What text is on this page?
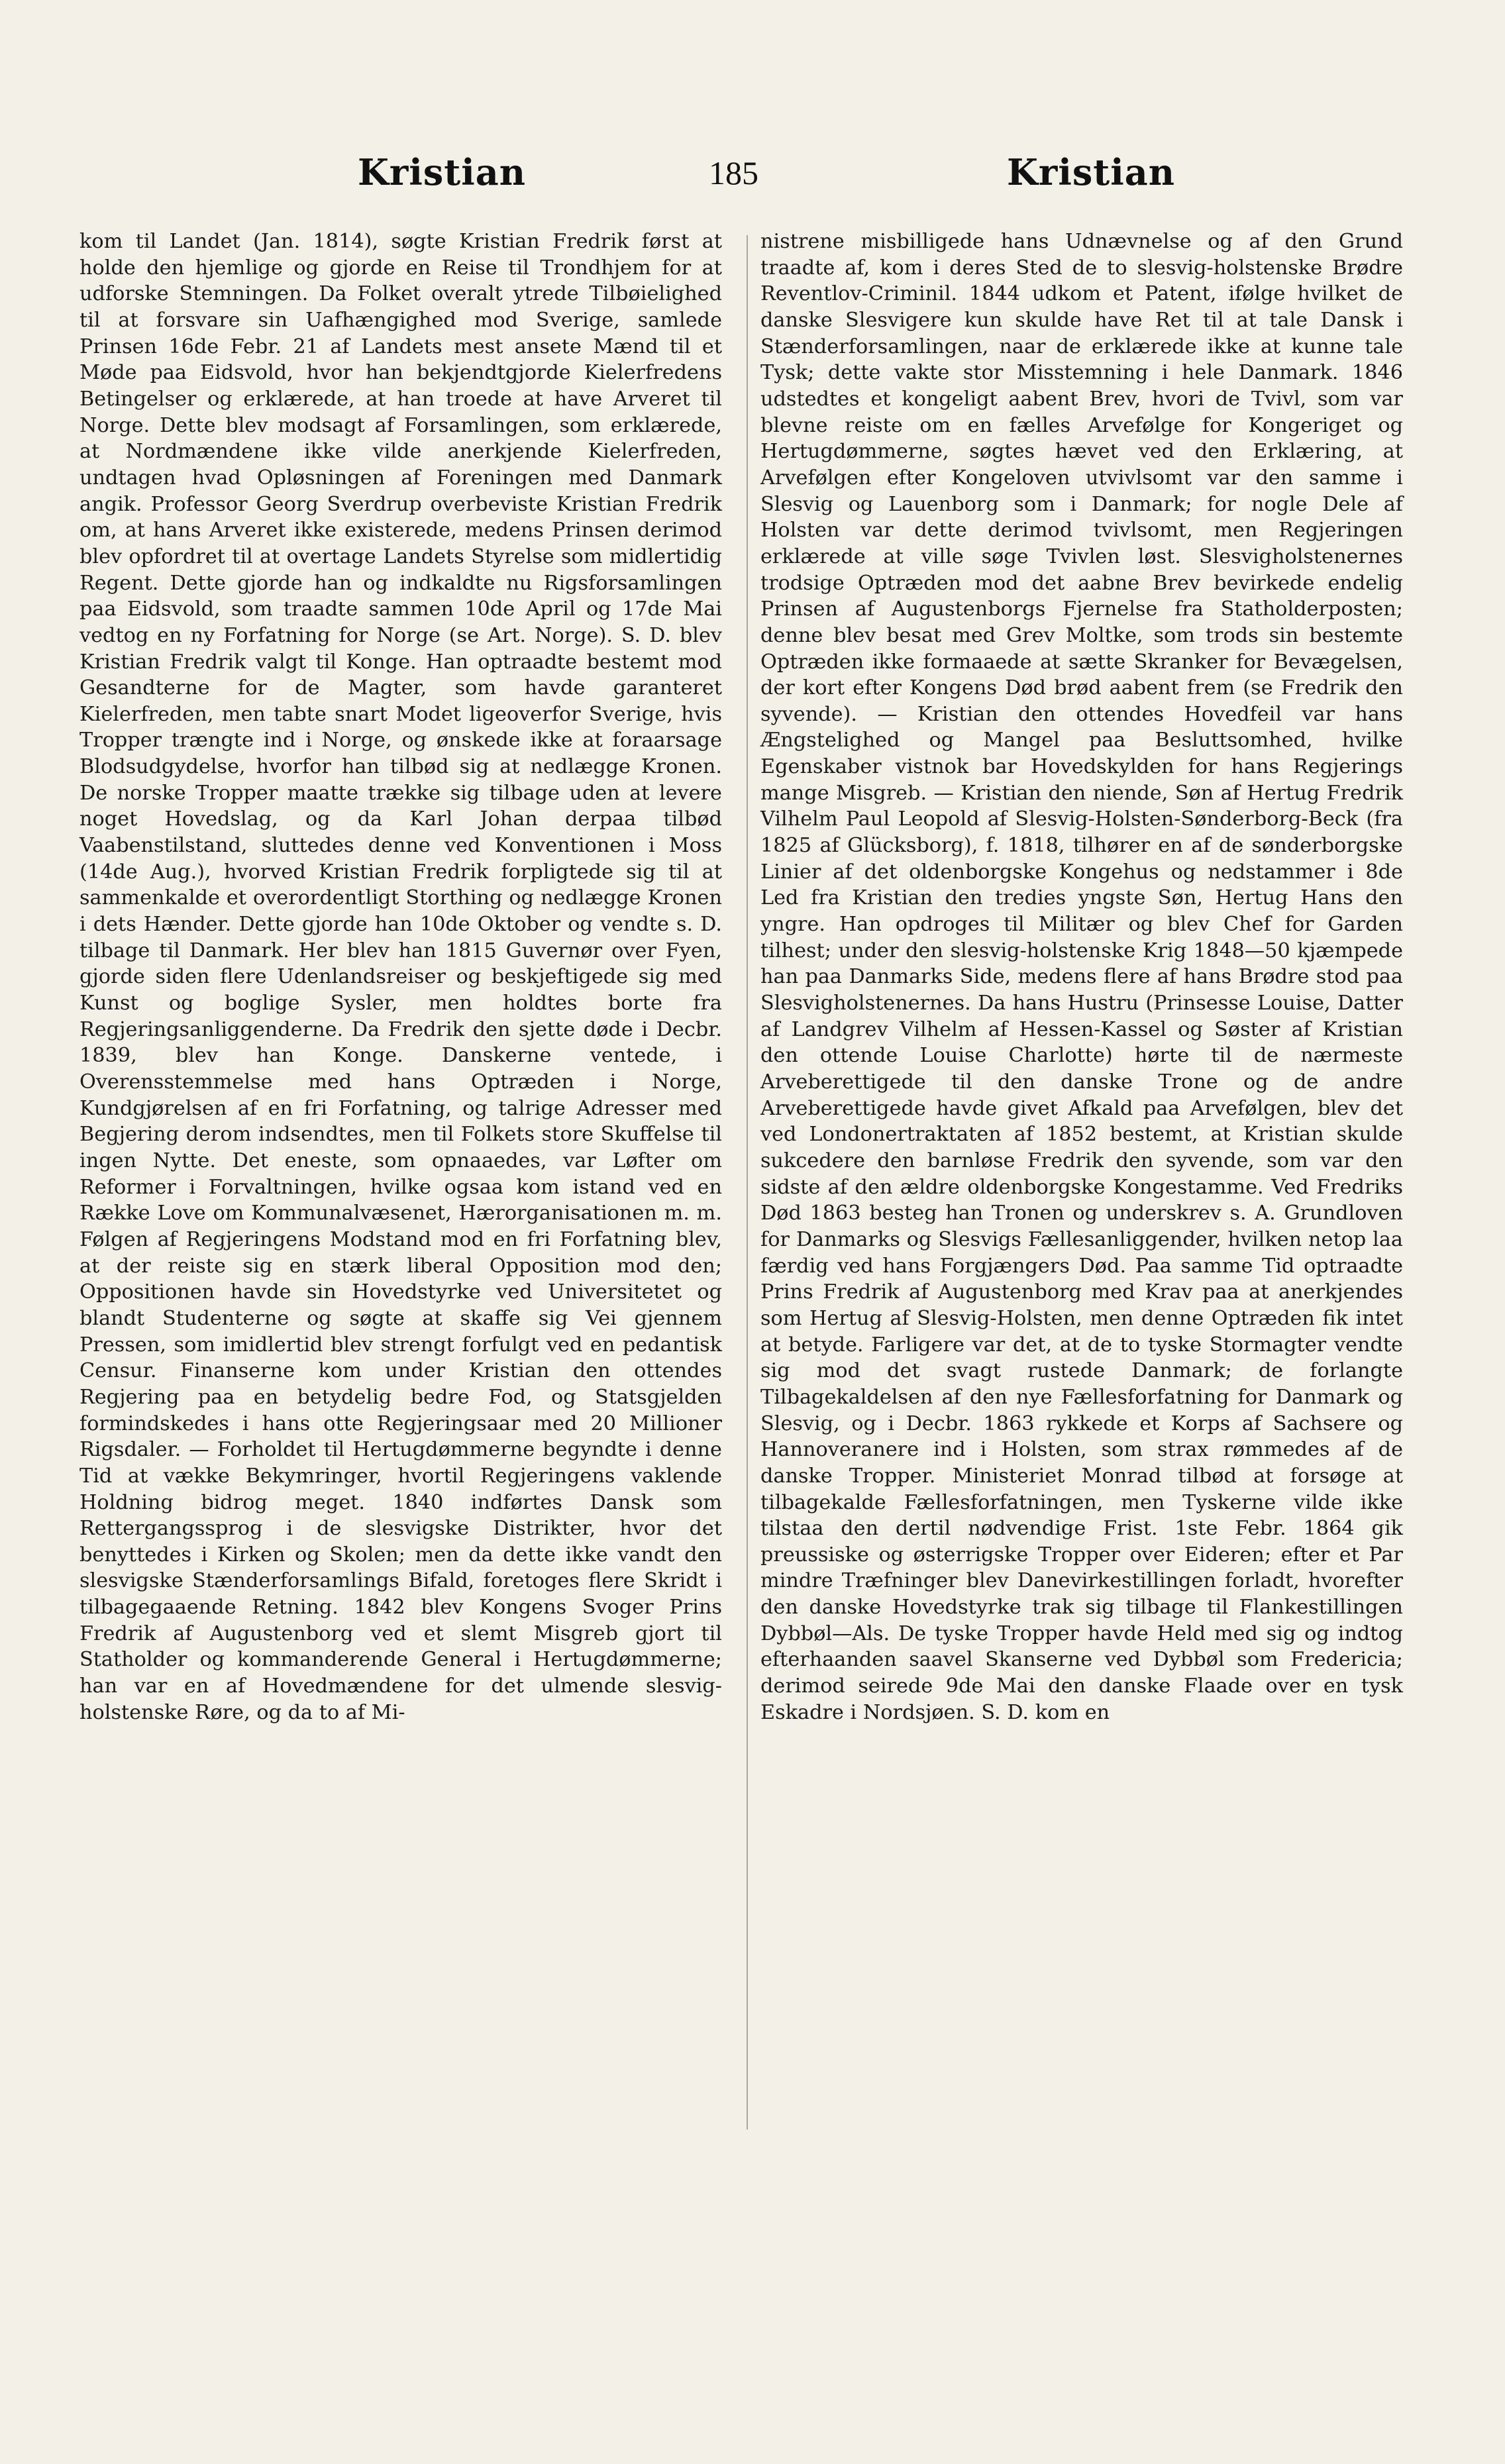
Kristian	185	Kristian

kom til Landet (Jan. 1814), søgte Kristian Fredrik først at holde den hjemlige og gjorde en Reise til Trondhjem for at udforske Stemningen. Da Folket overalt ytrede Tilbøielighed til at forsvare sin Uafhængighed mod Sverige, samlede Prinsen 16de Febr. 21 af Landets mest ansete Mænd til et Møde paa Eidsvold, hvor han bekjendtgjorde Kielerfredens Betingelser og erklærede, at han troede at have Arveret til Norge. Dette blev modsagt af Forsamlingen, som erklærede, at Nordmændene ikke vilde anerkjende Kielerfreden, undtagen hvad Opløsningen af Foreningen med Danmark angik. Professor Georg Sverdrup overbeviste Kristian Fredrik om, at hans Arveret ikke existerede, medens Prinsen derimod blev opfordret til at overtage Landets Styrelse som midlertidig Regent. Dette gjorde han og indkaldte nu Rigsforsamlingen paa Eidsvold, som traadte sammen 10de April og 17de Mai vedtog en ny Forfatning for Norge (se Art. Norge). S. D. blev Kristian Fredrik valgt til Konge. Han optraadte bestemt mod Gesandterne for de Magter, som havde garanteret Kielerfreden, men tabte snart Modet ligeoverfor Sverige, hvis Tropper trængte ind i Norge, og ønskede ikke at foraarsage Blodsudgydelse, hvorfor han tilbød sig at nedlægge Kronen. De norske Tropper maatte trække sig tilbage uden at levere noget Hovedslag, og da Karl Johan derpaa tilbød Vaabenstilstand, sluttedes denne ved Konventionen i Moss (14de Aug.), hvorved Kristian Fredrik forpligtede sig til at sammenkalde et overordentligt Storthing og nedlægge Kronen i dets Hænder. Dette gjorde han 10de Oktober og vendte s. D. tilbage til Danmark. Her blev han 1815 Guvernør over Fyen, gjorde siden flere Udenlandsreiser og beskjeftigede sig med Kunst og boglige Sysler, men holdtes borte fra Regjeringsanliggenderne. Da Fredrik den sjette døde i Decbr. 1839, blev han Konge. Danskerne ventede, i Overensstemmelse med hans Optræden i Norge, Kundgjørelsen af en fri Forfatning, og talrige Adresser med Begjering derom indsendtes, men til Folkets store Skuffelse til ingen Nytte. Det eneste, som opnaaedes, var Løfter om Reformer i Forvaltningen, hvilke ogsaa kom istand ved en Række Love om Kommunalvæsenet, Hærorganisationen m. m. Følgen af Regjeringens Modstand mod en fri Forfatning blev, at der reiste sig en stærk liberal Opposition mod den; Oppositionen havde sin Hovedstyrke ved Universitetet og blandt Studenterne og søgte at skaffe sig Vei gjennem Pressen, som imidlertid blev strengt forfulgt ved en pedantisk Censur. Finanserne kom under Kristian den ottendes Regjering paa en betydelig bedre Fod, og Statsgjelden formindskedes i hans otte Regjeringsaar med 20 Millioner Rigsdaler. — Forholdet til Hertugdømmerne begyndte i denne Tid at vække Bekymringer, hvortil Regjeringens vaklende Holdning bidrog meget. 1840 indførtes Dansk som Rettergangssprog i de slesvigske Distrikter, hvor det benyttedes i Kirken og Skolen; men da dette ikke vandt den slesvigske Stænderforsamlings Bifald, foretoges flere Skridt i tilbagegaaende Retning. 1842 blev Kongens Svoger Prins Fredrik af Augustenborg ved et slemt Misgreb gjort til Statholder og kommanderende General i Hertugdømmerne; han var en af Hovedmændene for det ulmende slesvig-holstenske Røre, og da to af Mi-

nistrene misbilligede hans Udnævnelse og af den Grund traadte af, kom i deres Sted de to slesvig-holstenske Brødre Reventlov-Criminil. 1844 udkom et Patent, ifølge hvilket de danske Slesvigere kun skulde have Ret til at tale Dansk i Stænderforsamlingen, naar de erklærede ikke at kunne tale Tysk; dette vakte stor Misstemning i hele Danmark. 1846 udstedtes et kongeligt aabent Brev, hvori de Tvivl, som var blevne reiste om en fælles Arvefølge for Kongeriget og Hertugdømmerne, søgtes hævet ved den Erklæring, at Arvefølgen efter Kongeloven utvivlsomt var den samme i Slesvig og Lauenborg som i Danmark; for nogle Dele af Holsten var dette derimod tvivlsomt, men Regjeringen erklærede at ville søge Tvivlen løst. Slesvigholstenernes trodsige Optræden mod det aabne Brev bevirkede endelig Prinsen af Augustenborgs Fjernelse fra Statholderposten; denne blev besat med Grev Moltke, som trods sin bestemte Optræden ikke formaaede at sætte Skranker for Bevægelsen, der kort efter Kongens Død brød aabent frem (se Fredrik den syvende). — Kristian den ottendes Hovedfeil var hans Ængstelighed og Mangel paa Besluttsomhed, hvilke Egenskaber vistnok bar Hovedskylden for hans Regjerings mange Misgreb. — Kristian den niende, Søn af Hertug Fredrik Vilhelm Paul Leopold af Slesvig-Holsten-Sønderborg-Beck (fra 1825 af Glücksborg), f. 1818, tilhører en af de sønderborgske Linier af det oldenborgske Kongehus og nedstammer i 8de Led fra Kristian den tredies yngste Søn, Hertug Hans den yngre. Han opdroges til Militær og blev Chef for Garden tilhest; under den slesvig-holstenske Krig 1848—50 kjæmpede han paa Danmarks Side, medens flere af hans Brødre stod paa Slesvigholstenernes. Da hans Hustru (Prinsesse Louise, Datter af Landgrev Vilhelm af Hessen-Kassel og Søster af Kristian den ottende Louise Charlotte) hørte til de nærmeste Arveberettigede til den danske Trone og de andre Arveberettigede havde givet Afkald paa Arvefølgen, blev det ved Londonertraktaten af 1852 bestemt, at Kristian skulde sukcedere den barnløse Fredrik den syvende, som var den sidste af den ældre oldenborgske Kongestamme. Ved Fredriks Død 1863 besteg han Tronen og underskrev s. A. Grundloven for Danmarks og Slesvigs Fællesanliggender, hvilken netop laa færdig ved hans Forgjængers Død. Paa samme Tid optraadte Prins Fredrik af Augustenborg med Krav paa at anerkjendes som Hertug af Slesvig-Holsten, men denne Optræden fik intet at betyde. Farligere var det, at de to tyske Stormagter vendte sig mod det svagt rustede Danmark; de forlangte Tilbagekaldelsen af den nye Fællesforfatning for Danmark og Slesvig, og i Decbr. 1863 rykkede et Korps af Sachsere og Hannoveranere ind i Holsten, som strax rømmedes af de danske Tropper. Ministeriet Monrad tilbød at forsøge at tilbagekalde Fællesforfatningen, men Tyskerne vilde ikke tilstaa den dertil nødvendige Frist. 1ste Febr. 1864 gik preussiske og østerrigske Tropper over Eideren; efter et Par mindre Træfninger blev Danevirkestillingen forladt, hvorefter den danske Hovedstyrke trak sig tilbage til Flankestillingen Dybbøl—Als. De tyske Tropper havde Held med sig og indtog efterhaanden saavel Skanserne ved Dybbøl som Fredericia; derimod seirede 9de Mai den danske Flaade over en tysk Eskadre i Nordsjøen. S. D. kom en
